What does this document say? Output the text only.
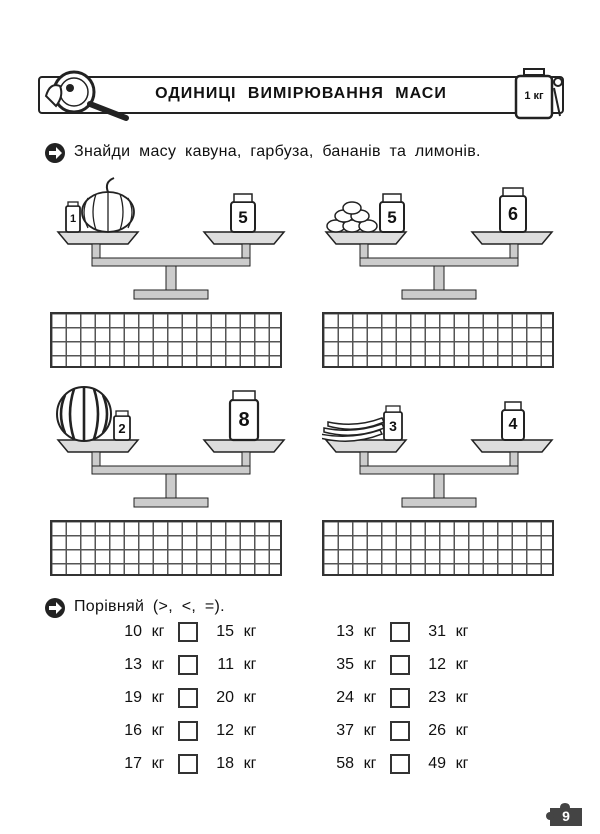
ОДИНИЦІ ВИМІРЮВАННЯ МАСИ	1 кг
Знайди масу кавуна, гарбуза, бананів та лимонів.
1	5	5	6
2	8	3	4
Порівняй (>, <, =).
10 кг	15 кг
13 кг	11 кг
19 кг	20 кг
16 кг	12 кг
17 кг	18 кг
13 кг	31 кг
35 кг	12 кг
24 кг	23 кг
37 кг	26 кг
58 кг	49 кг
9
